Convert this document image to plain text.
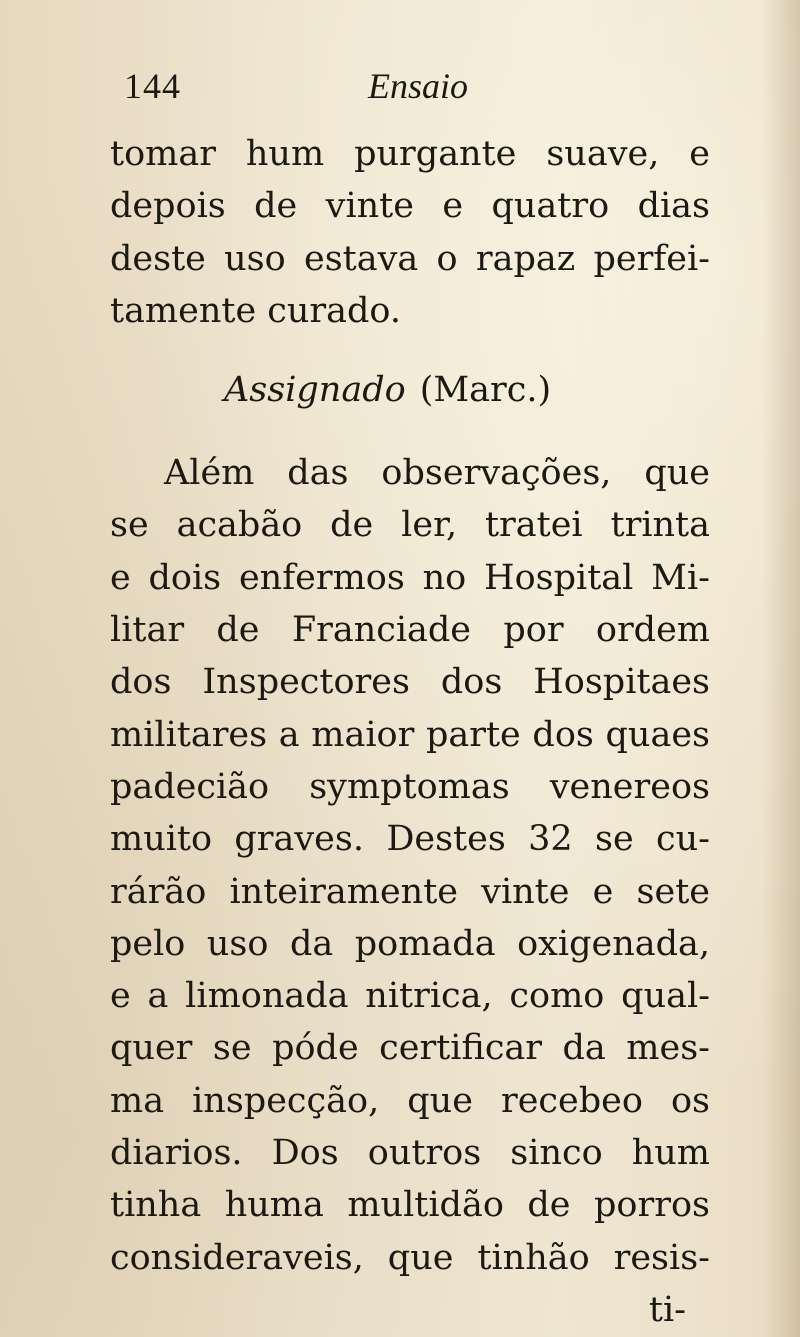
144	Ensaio
tomar hum purgante suave, e
depois de vinte e quatro dias
deste uso estava o rapaz perfei-
tamente curado.
Assignado (Marc.)
Além das observações, que
se acabão de ler, tratei trinta
e dois enfermos no Hospital Mi-
litar de Franciade por ordem
dos Inspectores dos Hospitaes
militares a maior parte dos quaes
padecião symptomas venereos
muito graves. Destes 32 se cu-
rárão inteiramente vinte e sete
pelo uso da pomada oxigenada,
e a limonada nitrica, como qual-
quer se póde certificar da mes-
ma inspecção, que recebeo os
diarios. Dos outros sinco hum
tinha huma multidão de porros
consideraveis, que tinhão resis-
ti-
